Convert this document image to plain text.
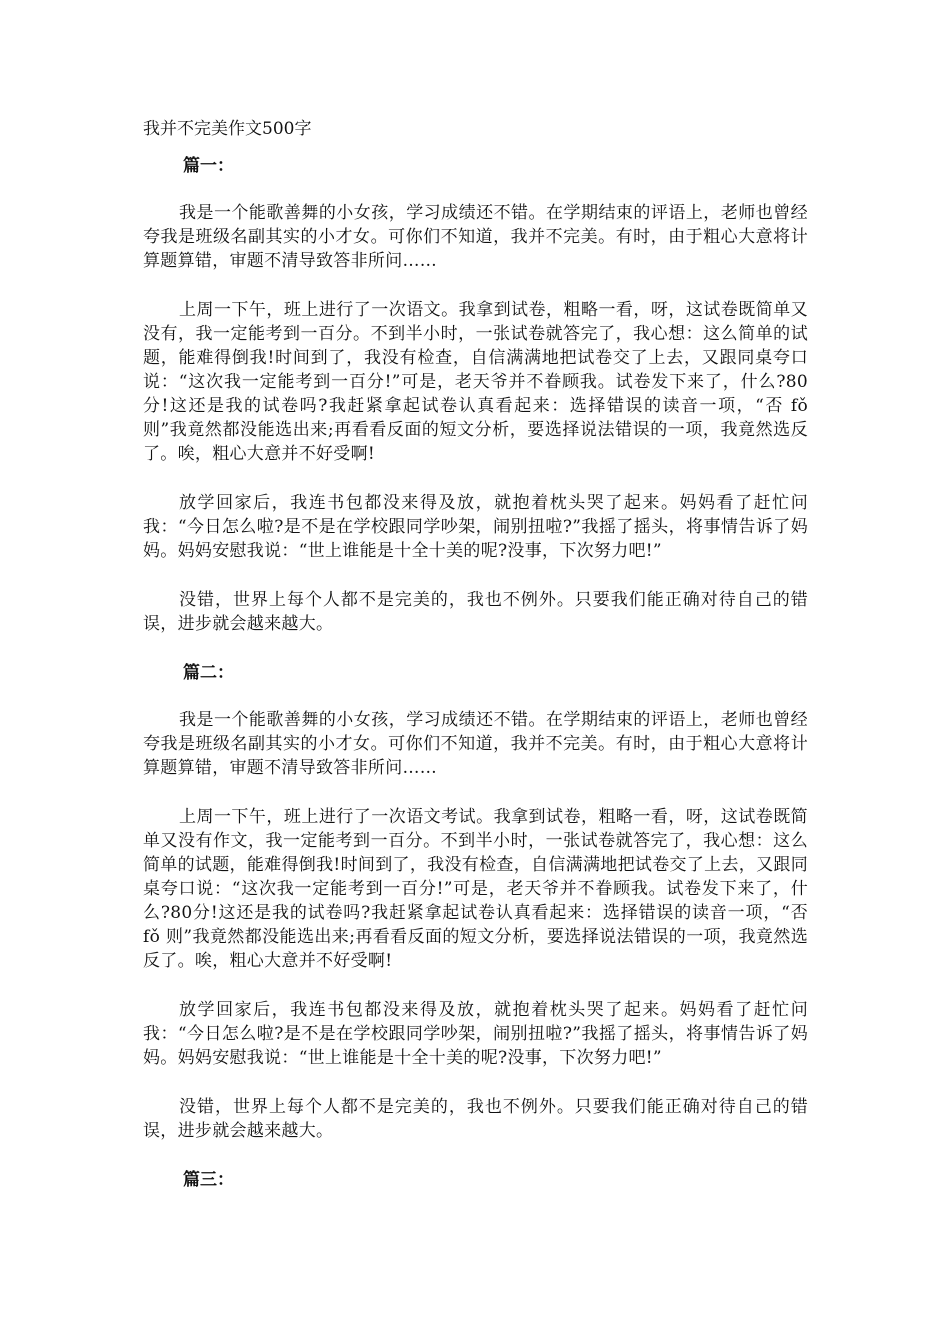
我并不完美作文500字
篇一：

我是一个能歌善舞的小女孩，学习成绩还不错。在学期结束的评语上，老师也曾经夸我是班级名副其实的小才女。可你们不知道，我并不完美。有时，由于粗心大意将计算题算错，审题不清导致答非所问……

上周一下午，班上进行了一次语文。我拿到试卷，粗略一看，呀，这试卷既简单又没有，我一定能考到一百分。不到半小时，一张试卷就答完了，我心想：这么简单的试题，能难得倒我!时间到了，我没有检查，自信满满地把试卷交了上去，又跟同桌夸口说：“这次我一定能考到一百分!”可是，老天爷并不眷顾我。试卷发下来了，什么?80分!这还是我的试卷吗?我赶紧拿起试卷认真看起来：选择错误的读音一项，“否 fǒ 则”我竟然都没能选出来;再看看反面的短文分析，要选择说法错误的一项，我竟然选反了。唉，粗心大意并不好受啊!

放学回家后，我连书包都没来得及放，就抱着枕头哭了起来。妈妈看了赶忙问我：“今日怎么啦?是不是在学校跟同学吵架，闹别扭啦?”我摇了摇头，将事情告诉了妈妈。妈妈安慰我说：“世上谁能是十全十美的呢?没事，下次努力吧!”

没错，世界上每个人都不是完美的，我也不例外。只要我们能正确对待自己的错误，进步就会越来越大。

篇二：

我是一个能歌善舞的小女孩，学习成绩还不错。在学期结束的评语上，老师也曾经夸我是班级名副其实的小才女。可你们不知道，我并不完美。有时，由于粗心大意将计算题算错，审题不清导致答非所问……

上周一下午，班上进行了一次语文考试。我拿到试卷，粗略一看，呀，这试卷既简单又没有作文，我一定能考到一百分。不到半小时，一张试卷就答完了，我心想：这么简单的试题，能难得倒我!时间到了，我没有检查，自信满满地把试卷交了上去，又跟同桌夸口说：“这次我一定能考到一百分!”可是，老天爷并不眷顾我。试卷发下来了，什么?80分!这还是我的试卷吗?我赶紧拿起试卷认真看起来：选择错误的读音一项，“否 fǒ 则”我竟然都没能选出来;再看看反面的短文分析，要选择说法错误的一项，我竟然选反了。唉，粗心大意并不好受啊!

放学回家后，我连书包都没来得及放，就抱着枕头哭了起来。妈妈看了赶忙问我：“今日怎么啦?是不是在学校跟同学吵架，闹别扭啦?”我摇了摇头，将事情告诉了妈妈。妈妈安慰我说：“世上谁能是十全十美的呢?没事，下次努力吧!”

没错，世界上每个人都不是完美的，我也不例外。只要我们能正确对待自己的错误，进步就会越来越大。

篇三：
